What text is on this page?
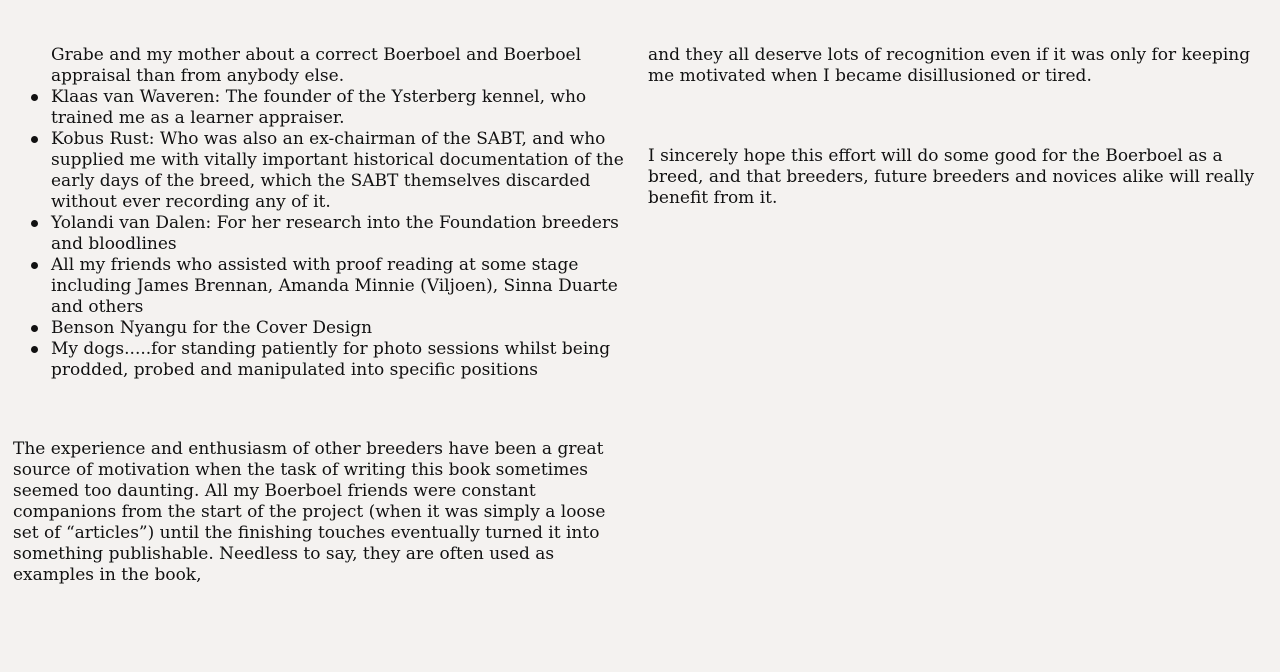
Grabe and my mother about a correct Boerboel and Boerboel appraisal than from anybody else.
Klaas van Waveren: The founder of the Ysterberg kennel, who trained me as a learner appraiser.
Kobus Rust: Who was also an ex-chairman of the SABT, and who supplied me with vitally important historical documentation of the early days of the breed, which the SABT themselves discarded without ever recording any of it.
Yolandi van Dalen: For her research into the Foundation breeders and bloodlines
All my friends who assisted with proof reading at some stage including James Brennan, Amanda Minnie (Viljoen), Sinna Duarte and others
Benson Nyangu for the Cover Design
My dogs.....for standing patiently for photo sessions whilst being prodded, probed and manipulated into specific positions

The experience and enthusiasm of other breeders have been a great source of motivation when the task of writing this book sometimes seemed too daunting. All my Boerboel friends were constant companions from the start of the project (when it was simply a loose set of “articles”) until the finishing touches eventually turned it into something publishable. Needless to say, they are often used as examples in the book,

and they all deserve lots of recognition even if it was only for keeping me motivated when I became disillusioned or tired.

I sincerely hope this effort will do some good for the Boerboel as a breed, and that breeders, future breeders and novices alike will really benefit from it.
